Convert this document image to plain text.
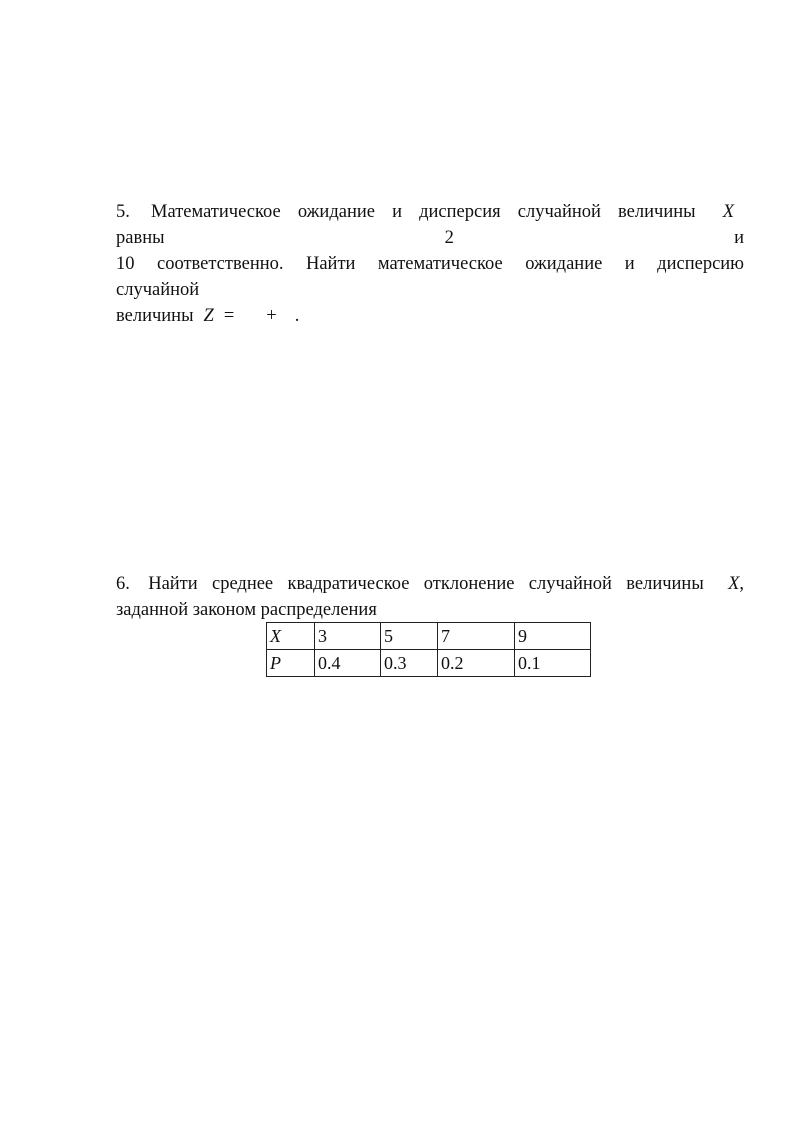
5. Математическое ожидание и дисперсия случайной величины X равны 2 и
10 соответственно. Найти математическое ожидание и дисперсию случайной
величины Z = + .
6. Найти среднее квадратическое отклонение случайной величины X,
заданной законом распределения
X	3	5	7	9
P	0.4	0.3	0.2	0.1
